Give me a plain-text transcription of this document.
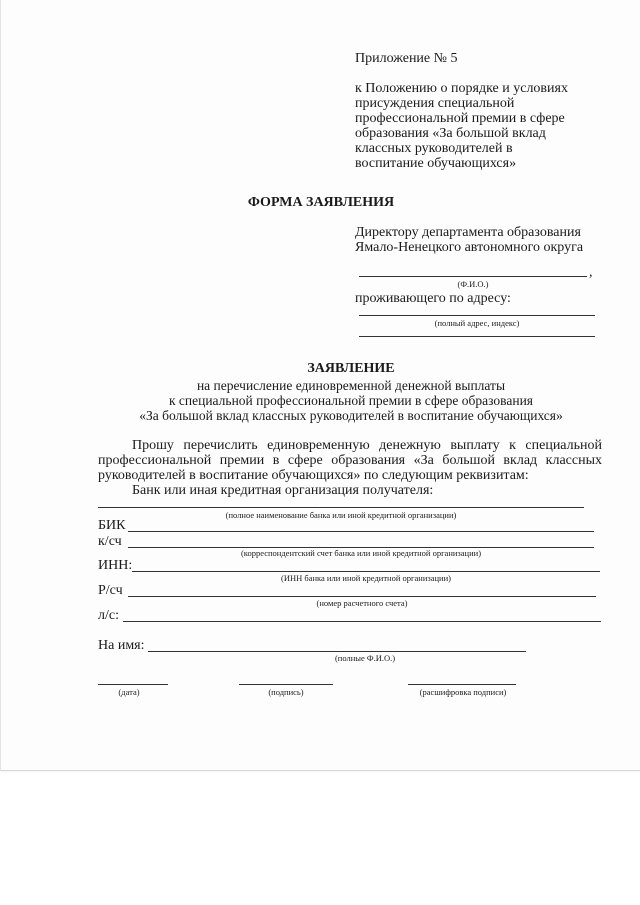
Приложение № 5
к Положению о порядке и условиях
присуждения специальной
профессиональной премии в сфере
образования «За большой вклад
классных руководителей в
воспитание обучающихся»
ФОРМА ЗАЯВЛЕНИЯ
Директору департамента образования
Ямало-Ненецкого автономного округа
,
(Ф.И.О.)
проживающего по адресу:
(полный адрес, индекс)
ЗАЯВЛЕНИЕ
на перечисление единовременной денежной выплаты
к специальной профессиональной премии в сфере образования
«За большой вклад классных руководителей в воспитание обучающихся»
Прошу перечислить единовременную денежную выплату к специальной
профессиональной премии в сфере образования «За большой вклад классных
руководителей в воспитание обучающихся» по следующим реквизитам:
Банк или иная кредитная организация получателя:
(полное наименование банка или иной кредитной организации)
БИК
к/сч
(корреспондентский счет банка или иной кредитной организации)
ИНН:
(ИНН банка или иной кредитной организации)
Р/сч
(номер расчетного счета)
л/с:
На имя:
(полные Ф.И.О.)
(дата)	(подпись)	(расшифровка подписи)
